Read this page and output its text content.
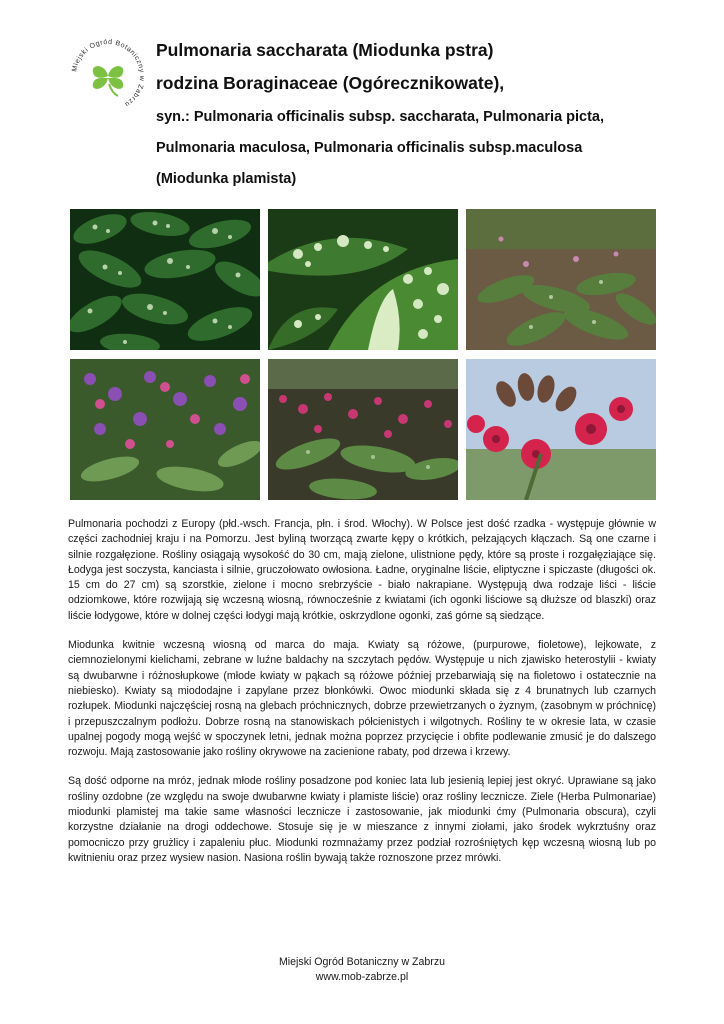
Miejski Ogród Botaniczny w Zabrzu
Pulmonaria saccharata (Miodunka pstra)
rodzina Boraginaceae (Ogórecznikowate),
syn.: Pulmonaria officinalis subsp. saccharata, Pulmonaria picta,
Pulmonaria maculosa, Pulmonaria officinalis subsp.maculosa
(Miodunka plamista)

Pulmonaria pochodzi z Europy (płd.-wsch. Francja, płn. i środ. Włochy). W Polsce jest dość rzadka - występuje głównie w części zachodniej kraju i na Pomorzu. Jest byliną tworzącą zwarte kępy o krótkich, pełzających kłączach. Są one czarne i silnie rozgałęzione. Rośliny osiągają wysokość do 30 cm, mają zielone, ulistnione pędy, które są proste i rozgałęziające się. Łodyga jest soczysta, kanciasta i silnie, gruczołowato owłosiona. Ładne, oryginalne liście, eliptyczne i spiczaste (długości ok. 15 cm do 27 cm) są szorstkie, zielone i mocno srebrzyście - biało nakrapiane. Występują dwa rodzaje liści - liście odziomkowe, które rozwijają się wczesną wiosną, równocześnie z kwiatami (ich ogonki liściowe są dłuższe od blaszki) oraz liście łodygowe, które w dolnej części łodygi mają krótkie, oskrzydlone ogonki, zaś górne są siedzące.

Miodunka kwitnie wczesną wiosną od marca do maja. Kwiaty są różowe, (purpurowe, fioletowe), lejkowate, z ciemnozielonymi kielichami, zebrane w luźne baldachy na szczytach pędów. Występuje u nich zjawisko heterostylii - kwiaty są dwubarwne i różnosłupkowe (młode kwiaty w pąkach są różowe później przebarwiają się na fioletowo i ostatecznie na niebiesko). Kwiaty są miododajne i zapylane przez błonkówki. Owoc miodunki składa się z 4 brunatnych lub czarnych rozłupek. Miodunki najczęściej rosną na glebach próchnicznych, dobrze przewietrzanych o żyznym, (zasobnym w próchnicę) i przepuszczalnym podłożu. Dobrze rosną na stanowiskach półcienistych i wilgotnych. Rośliny te w okresie lata, w czasie upalnej pogody mogą wejść w spoczynek letni, jednak można poprzez przycięcie i obfite podlewanie zmusić je do dalszego rozwoju. Mają zastosowanie jako rośliny okrywowe na zacienione rabaty, pod drzewa i krzewy.

Są dość odporne na mróz, jednak młode rośliny posadzone pod koniec lata lub jesienią lepiej jest okryć. Uprawiane są jako rośliny ozdobne (ze względu na swoje dwubarwne kwiaty i plamiste liście) oraz rośliny lecznicze. Ziele (Herba Pulmonariae) miodunki plamistej ma takie same własności lecznicze i zastosowanie, jak miodunki ćmy (Pulmonaria obscura), czyli korzystne działanie na drogi oddechowe. Stosuje się je w mieszance z innymi ziołami, jako środek wykrztuśny oraz pomocniczo przy grużlicy i zapaleniu płuc. Miodunki rozmnażamy przez podział rozrośniętych kęp wczesną wiosną lub po kwitnieniu oraz przez wysiew nasion. Nasiona roślin bywają także roznoszone przez mrówki.

Miejski Ogród Botaniczny w Zabrzu
www.mob-zabrze.pl
